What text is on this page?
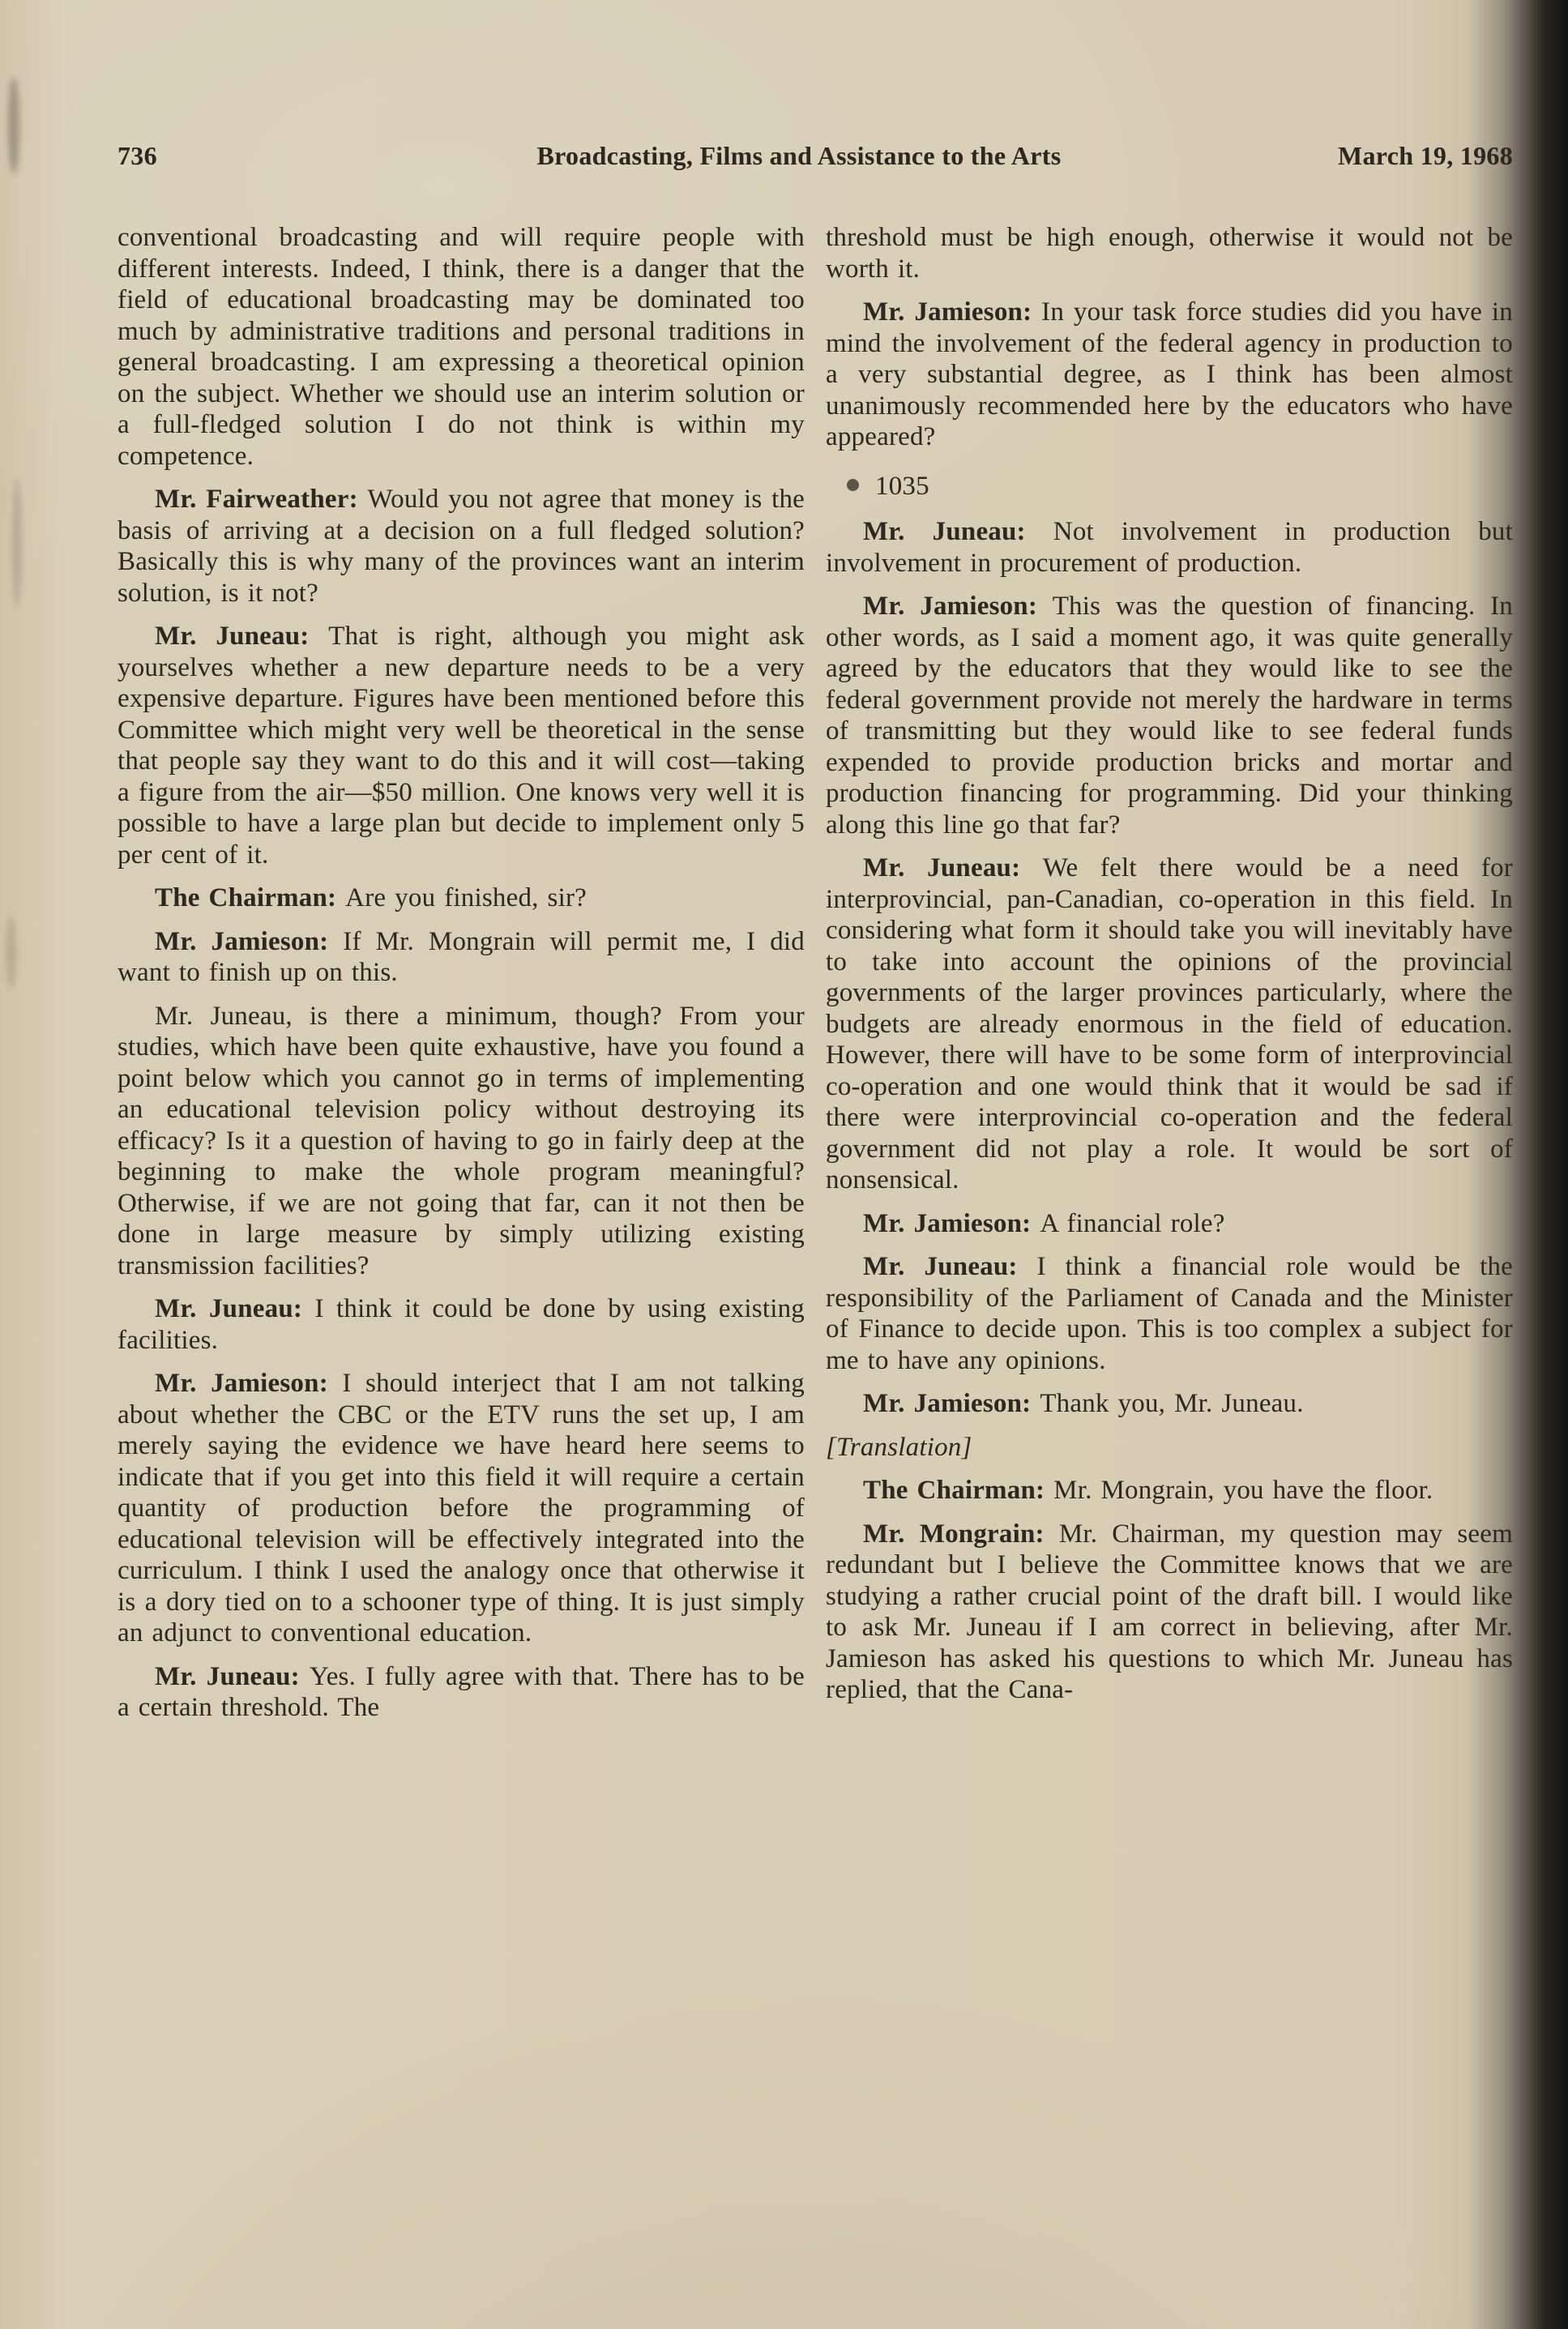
736	Broadcasting, Films and Assistance to the Arts	March 19, 1968

conventional broadcasting and will require people with different interests. Indeed, I think, there is a danger that the field of educational broadcasting may be dominated too much by administrative traditions and personal traditions in general broadcasting. I am expressing a theoretical opinion on the subject. Whether we should use an interim solution or a full-fledged solution I do not think is within my competence.

Mr. Fairweather: Would you not agree that money is the basis of arriving at a decision on a full fledged solution? Basically this is why many of the provinces want an interim solution, is it not?

Mr. Juneau: That is right, although you might ask yourselves whether a new departure needs to be a very expensive departure. Figures have been mentioned before this Committee which might very well be theoretical in the sense that people say they want to do this and it will cost—taking a figure from the air—$50 million. One knows very well it is possible to have a large plan but decide to implement only 5 per cent of it.

The Chairman: Are you finished, sir?

Mr. Jamieson: If Mr. Mongrain will permit me, I did want to finish up on this.

Mr. Juneau, is there a minimum, though? From your studies, which have been quite exhaustive, have you found a point below which you cannot go in terms of implementing an educational television policy without destroying its efficacy? Is it a question of having to go in fairly deep at the beginning to make the whole program meaningful? Otherwise, if we are not going that far, can it not then be done in large measure by simply utilizing existing transmission facilities?

Mr. Juneau: I think it could be done by using existing facilities.

Mr. Jamieson: I should interject that I am not talking about whether the CBC or the ETV runs the set up, I am merely saying the evidence we have heard here seems to indicate that if you get into this field it will require a certain quantity of production before the programming of educational television will be effectively integrated into the curriculum. I think I used the analogy once that otherwise it is a dory tied on to a schooner type of thing. It is just simply an adjunct to conventional education.

Mr. Juneau: Yes. I fully agree with that. There has to be a certain threshold. The

threshold must be high enough, otherwise it would not be worth it.

Mr. Jamieson: In your task force studies did you have in mind the involvement of the federal agency in production to a very substantial degree, as I think has been almost unanimously recommended here by the educators who have appeared?

1035

Mr. Juneau: Not involvement in production but involvement in procurement of production.

Mr. Jamieson: This was the question of financing. In other words, as I said a moment ago, it was quite generally agreed by the educators that they would like to see the federal government provide not merely the hardware in terms of transmitting but they would like to see federal funds expended to provide production bricks and mortar and production financing for programming. Did your thinking along this line go that far?

Mr. Juneau: We felt there would be a need for interprovincial, pan-Canadian, co-operation in this field. In considering what form it should take you will inevitably have to take into account the opinions of the provincial governments of the larger provinces particularly, where the budgets are already enormous in the field of education. However, there will have to be some form of interprovincial co-operation and one would think that it would be sad if there were interprovincial co-operation and the federal government did not play a role. It would be sort of nonsensical.

Mr. Jamieson: A financial role?

Mr. Juneau: I think a financial role would be the responsibility of the Parliament of Canada and the Minister of Finance to decide upon. This is too complex a subject for me to have any opinions.

Mr. Jamieson: Thank you, Mr. Juneau.

[Translation]

The Chairman: Mr. Mongrain, you have the floor.

Mr. Mongrain: Mr. Chairman, my question may seem redundant but I believe the Committee knows that we are studying a rather crucial point of the draft bill. I would like to ask Mr. Juneau if I am correct in believing, after Mr. Jamieson has asked his questions to which Mr. Juneau has replied, that the Cana-
